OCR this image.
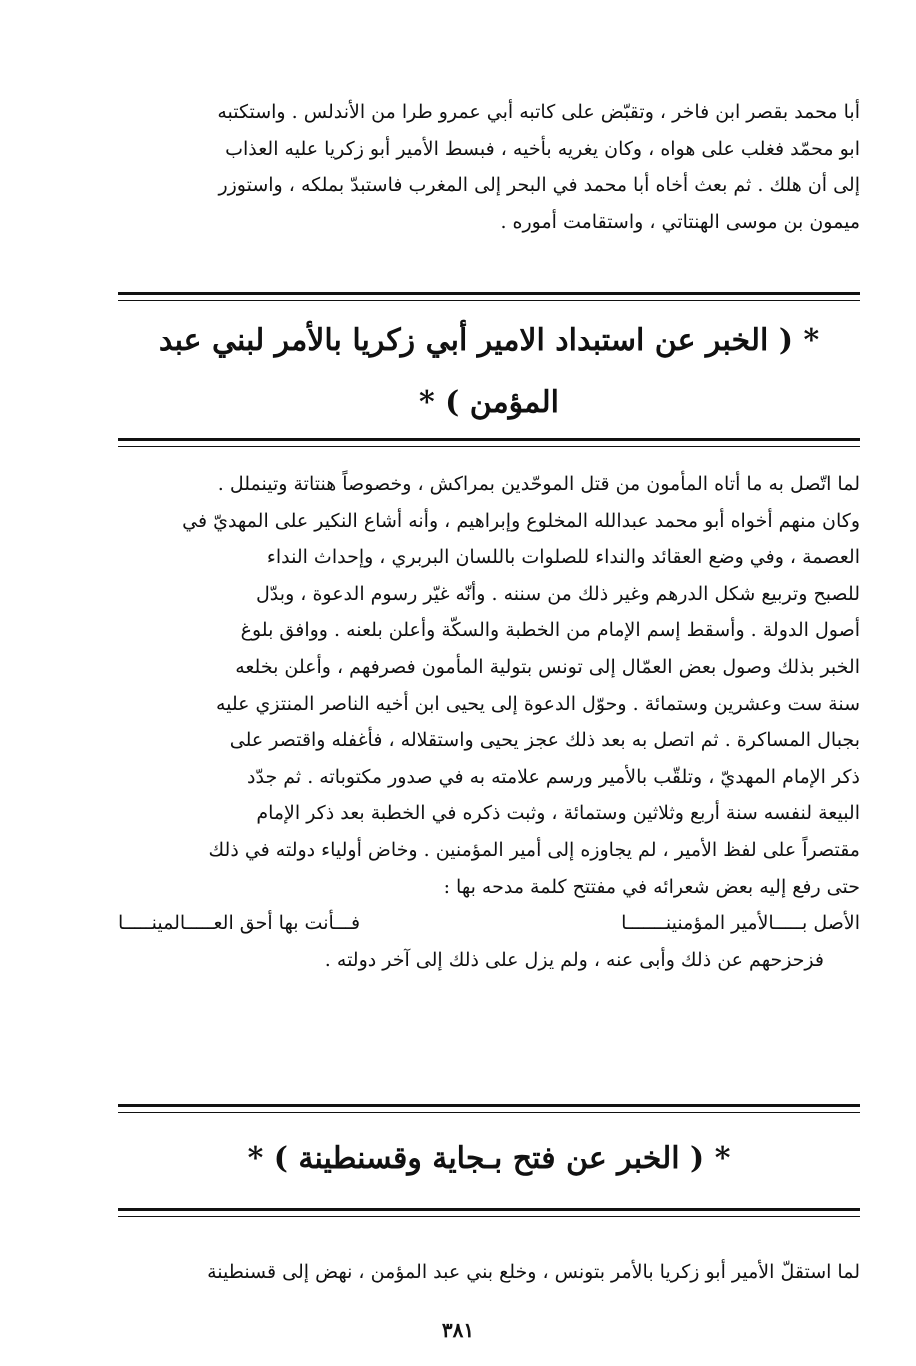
أبا محمد بقصر ابن فاخر ، وتقبّض على كاتبه أبي عمرو طرا من الأندلس . واستكتبه
ابو محمّد فغلب على هواه ، وكان يغريه بأخيه ، فبسط الأمير أبو زكريا عليه العذاب
إلى أن هلك . ثم بعث أخاه أبا محمد في البحر إلى المغرب فاستبدّ بملكه ، واستوزر
ميمون بن موسى الهنتاتي ، واستقامت أموره .

* ( الخبر عن استبداد الامير أبي زكريا بالأمر لبني عبد
المؤمن ) *

لما اتّصل به ما أتاه المأمون من قتل الموحّدين بمراكش ، وخصوصاً هنتاتة وتينملل .
وكان منهم أخواه أبو محمد عبدالله المخلوع وإبراهيم ، وأنه أشاع النكير على المهديّ في
العصمة ، وفي وضع العقائد والنداء للصلوات باللسان البربري ، وإحداث النداء
للصبح وتربيع شكل الدرهم وغير ذلك من سننه . وأنّه غيّر رسوم الدعوة ، وبدّل
أصول الدولة . وأسقط إسم الإمام من الخطبة والسكّة وأعلن بلعنه . ووافق بلوغ
الخبر بذلك وصول بعض العمّال إلى تونس بتولية المأمون فصرفهم ، وأعلن بخلعه
سنة ست وعشرين وستمائة . وحوّل الدعوة إلى يحيى ابن أخيه الناصر المنتزي عليه
بجبال المساكرة . ثم اتصل به بعد ذلك عجز يحيى واستقلاله ، فأغفله واقتصر على
ذكر الإمام المهديّ ، وتلقّب بالأمير ورسم علامته به في صدور مكتوباته . ثم جدّد
البيعة لنفسه سنة أربع وثلاثين وستمائة ، وثبت ذكره في الخطبة بعد ذكر الإمام
مقتصراً على لفظ الأمير ، لم يجاوزه إلى أمير المؤمنين . وخاض أولياء دولته في ذلك
حتى رفع إليه بعض شعرائه في مفتتح كلمة مدحه بها :

الأصل بـــــالأمير المؤمنينـــــــا
فـــأنت بها أحق العـــــالمينـــــا

فزحزحهم عن ذلك وأبى عنه ، ولم يزل على ذلك إلى آخر دولته .

* ( الخبر عن فتح بـجاية وقسنطينة ) *

لما استقلّ الأمير أبو زكريا بالأمر بتونس ، وخلع بني عبد المؤمن ، نهض إلى قسنطينة

٣٨١
